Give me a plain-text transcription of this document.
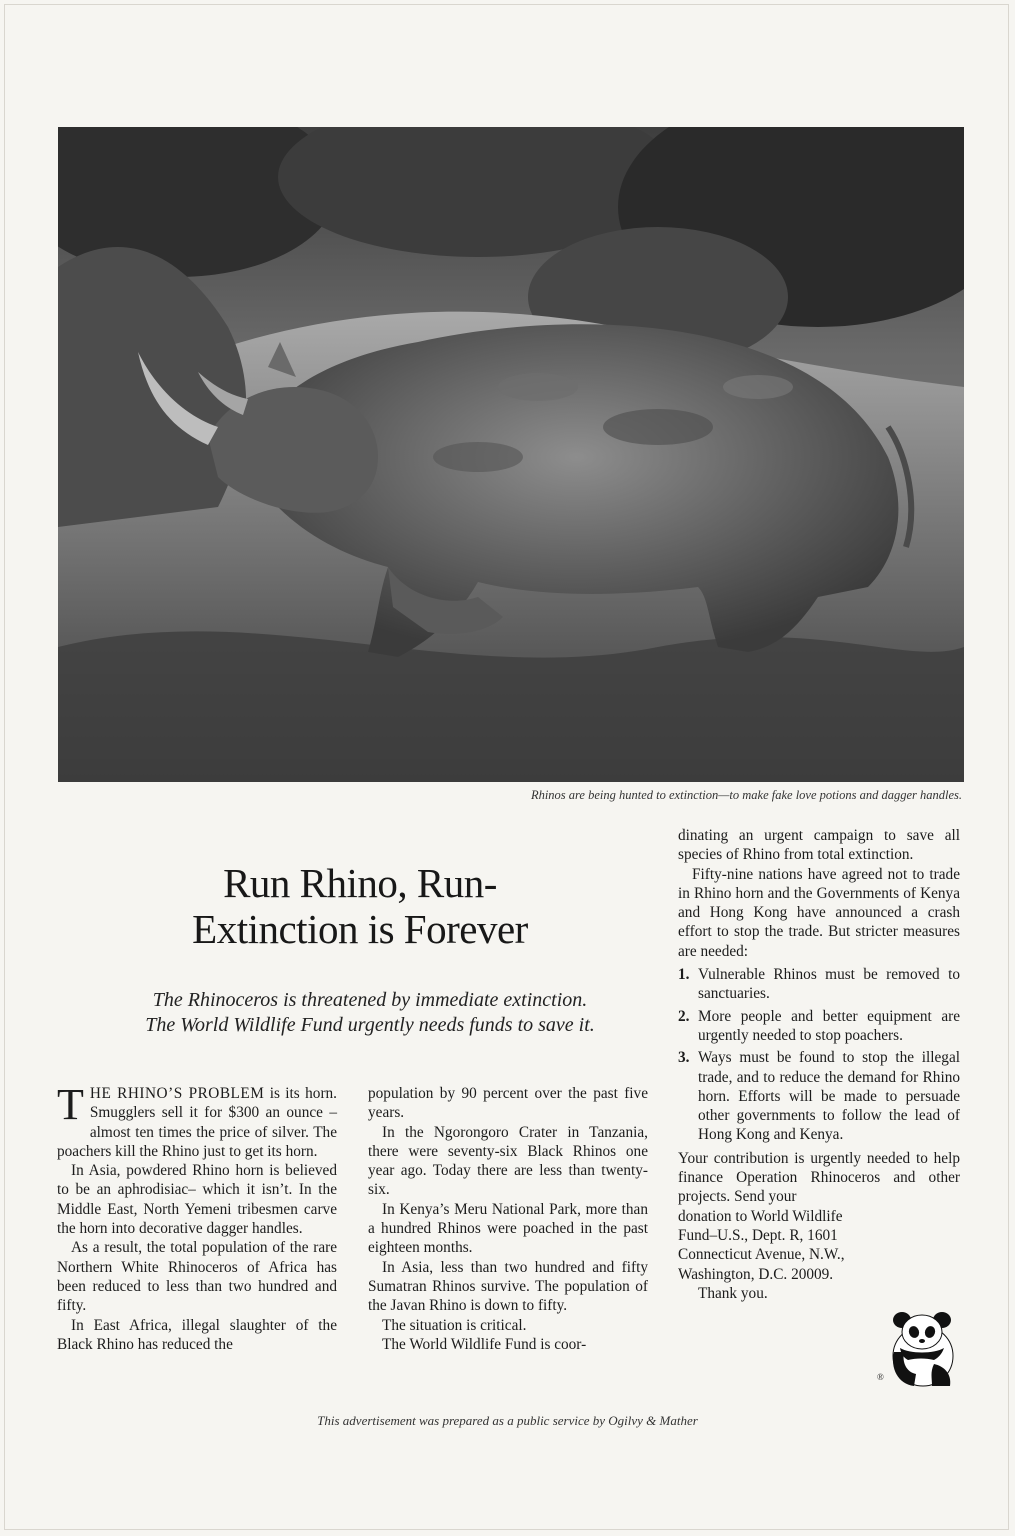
Rhinos are being hunted to extinction—to make fake love potions and dagger handles.
Run Rhino, Run-
Extinction is Forever
The Rhinoceros is threatened by immediate extinction.
The World Wildlife Fund urgently needs funds to save it.

THE RHINO’S PROBLEM is its horn. Smugglers sell it for $300 an ounce – almost ten times the price of silver. The poachers kill the Rhino just to get its horn.

In Asia, powdered Rhino horn is believed to be an aphrodisiac– which it isn’t. In the Middle East, North Yemeni tribesmen carve the horn into decorative dagger handles.

As a result, the total population of the rare Northern White Rhinoceros of Africa has been reduced to less than two hundred and fifty.

In East Africa, illegal slaughter of the Black Rhino has reduced the

population by 90 percent over the past five years.

In the Ngorongoro Crater in Tanzania, there were seventy-six Black Rhinos one year ago. Today there are less than twenty-six.

In Kenya’s Meru National Park, more than a hundred Rhinos were poached in the past eighteen months.

In Asia, less than two hundred and fifty Sumatran Rhinos survive. The population of the Javan Rhino is down to fifty.

The situation is critical.

The World Wildlife Fund is coor-

dinating an urgent campaign to save all species of Rhino from total extinction.

Fifty-nine nations have agreed not to trade in Rhino horn and the Governments of Kenya and Hong Kong have announced a crash effort to stop the trade. But stricter measures are needed:

1. Vulnerable Rhinos must be removed to sanctuaries.
2. More people and better equipment are urgently needed to stop poachers.
3. Ways must be found to stop the illegal trade, and to reduce the demand for Rhino horn. Efforts will be made to persuade other governments to follow the lead of Hong Kong and Kenya.

Your contribution is urgently needed to help finance Operation Rhinoceros and other projects. Send your

donation to World Wildlife
Fund–U.S., Dept. R, 1601
Connecticut Avenue, N.W.,
Washington, D.C. 20009.
Thank you.
®
This advertisement was prepared as a public service by Ogilvy & Mather
